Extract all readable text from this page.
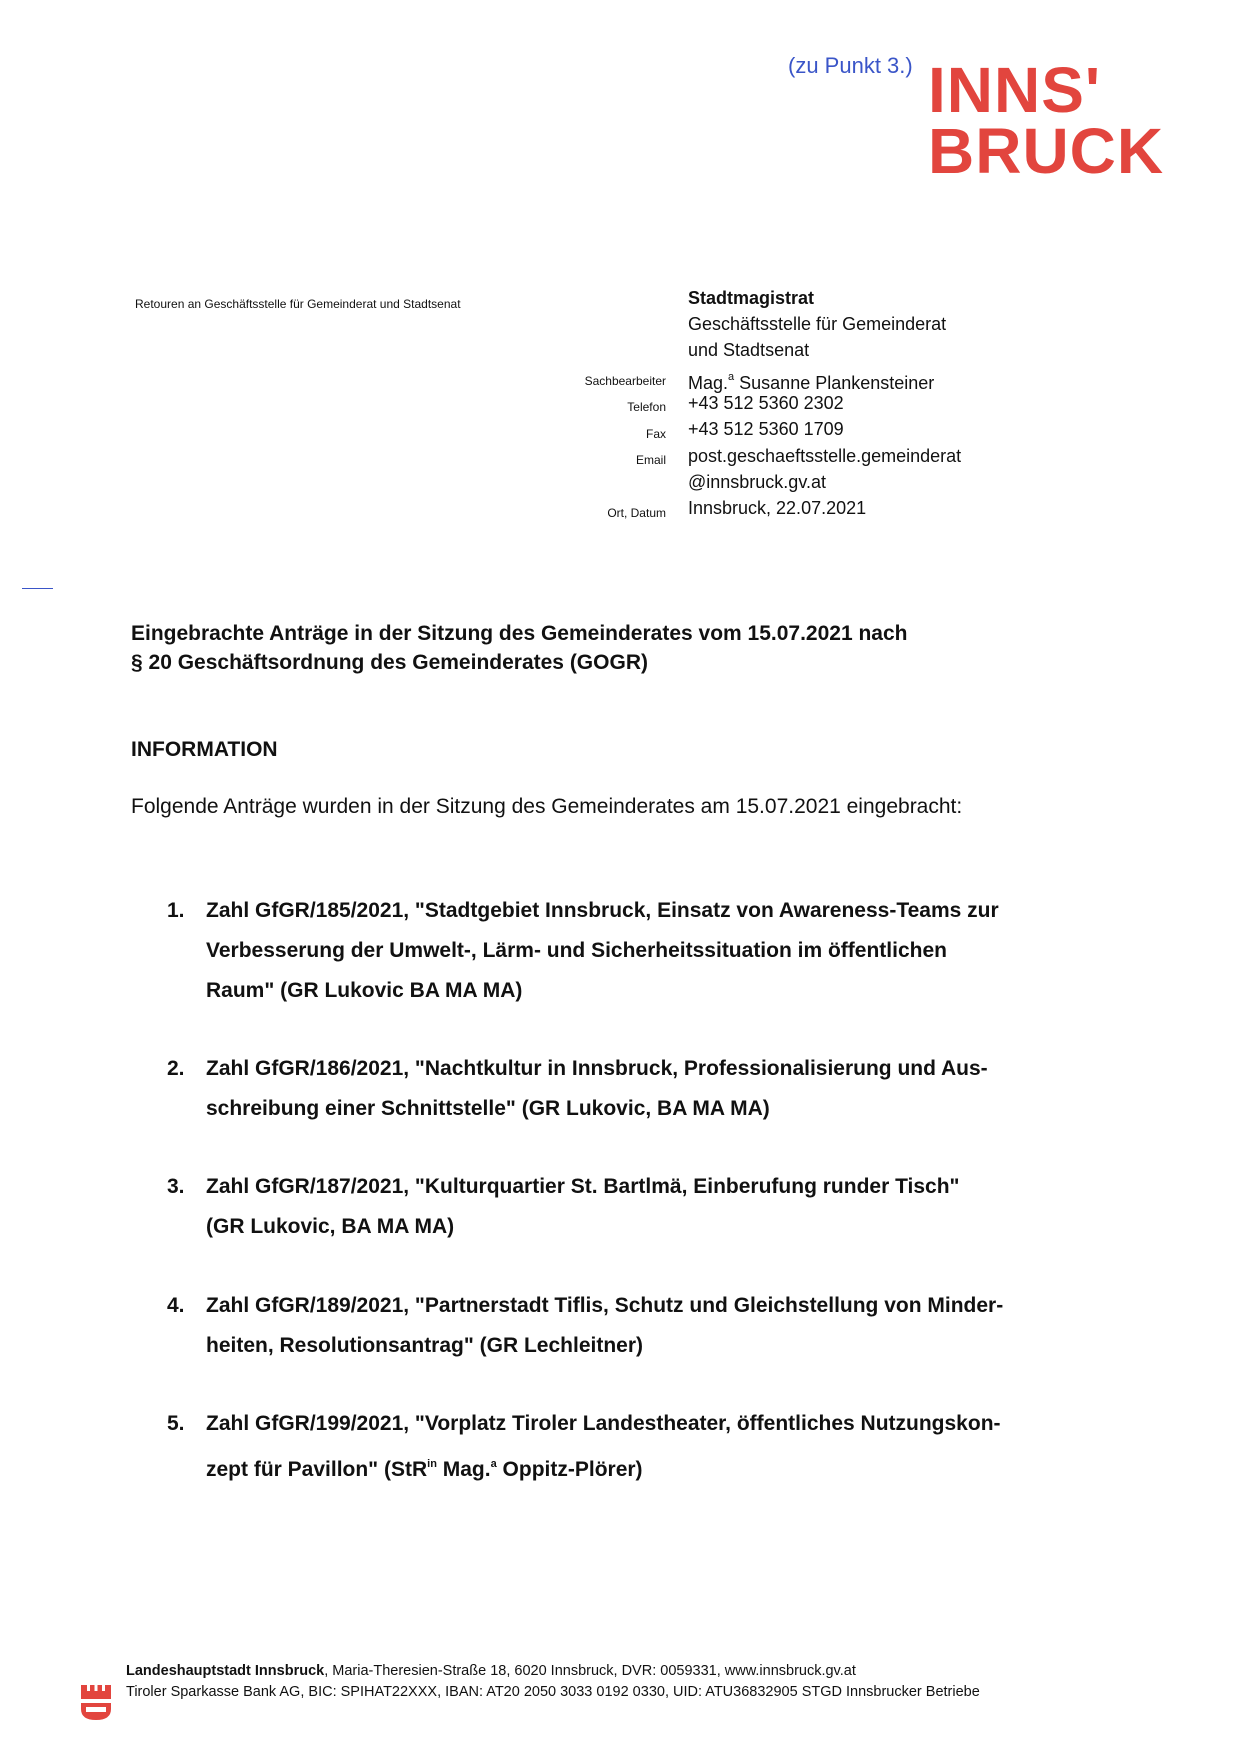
(zu Punkt 3.) INNS'
BRUCK
Retouren an Geschäftsstelle für Gemeinderat und Stadtsenat	Stadtmagistrat
Geschäftsstelle für Gemeinderat
und Stadtsenat
Sachbearbeiter Mag.$^a$ Susanne Plankensteiner
Telefon +43 512 5360 2302
Fax +43 512 5360 1709
Email post.geschaeftsstelle.gemeinderat
@innsbruck.gv.at
Ort, Datum Innsbruck, 22.07.2021
Eingebrachte Anträge in der Sitzung des Gemeinderates vom 15.07.2021 nach
§ 20 Geschäftsordnung des Gemeinderates (GOGR)
INFORMATION
Folgende Anträge wurden in der Sitzung des Gemeinderates am 15.07.2021 eingebracht:
1. Zahl GfGR/185/2021, "Stadtgebiet Innsbruck, Einsatz von Awareness-Teams zur
Verbesserung der Umwelt-, Lärm- und Sicherheitssituation im öffentlichen
Raum" (GR Lukovic BA MA MA)
2. Zahl GfGR/186/2021, "Nachtkultur in Innsbruck, Professionalisierung und Aus-
schreibung einer Schnittstelle" (GR Lukovic, BA MA MA)
3. Zahl GfGR/187/2021, "Kulturquartier St. Bartlmä, Einberufung runder Tisch"
(GR Lukovic, BA MA MA)
4. Zahl GfGR/189/2021, "Partnerstadt Tiflis, Schutz und Gleichstellung von Minder-
heiten, Resolutionsantrag" (GR Lechleitner)
5. Zahl GfGR/199/2021, "Vorplatz Tiroler Landestheater, öffentliches Nutzungskon-
zept für Pavillon" (StR$^{in}$ Mag.$^a$ Oppitz-Plörer)
Landeshauptstadt Innsbruck, Maria-Theresien-Straße 18, 6020 Innsbruck, DVR: 0059331, www.innsbruck.gv.at
Tiroler Sparkasse Bank AG, BIC: SPIHAT22XXX, IBAN: AT20 2050 3033 0192 0330, UID: ATU36832905 STGD Innsbrucker Betriebe
